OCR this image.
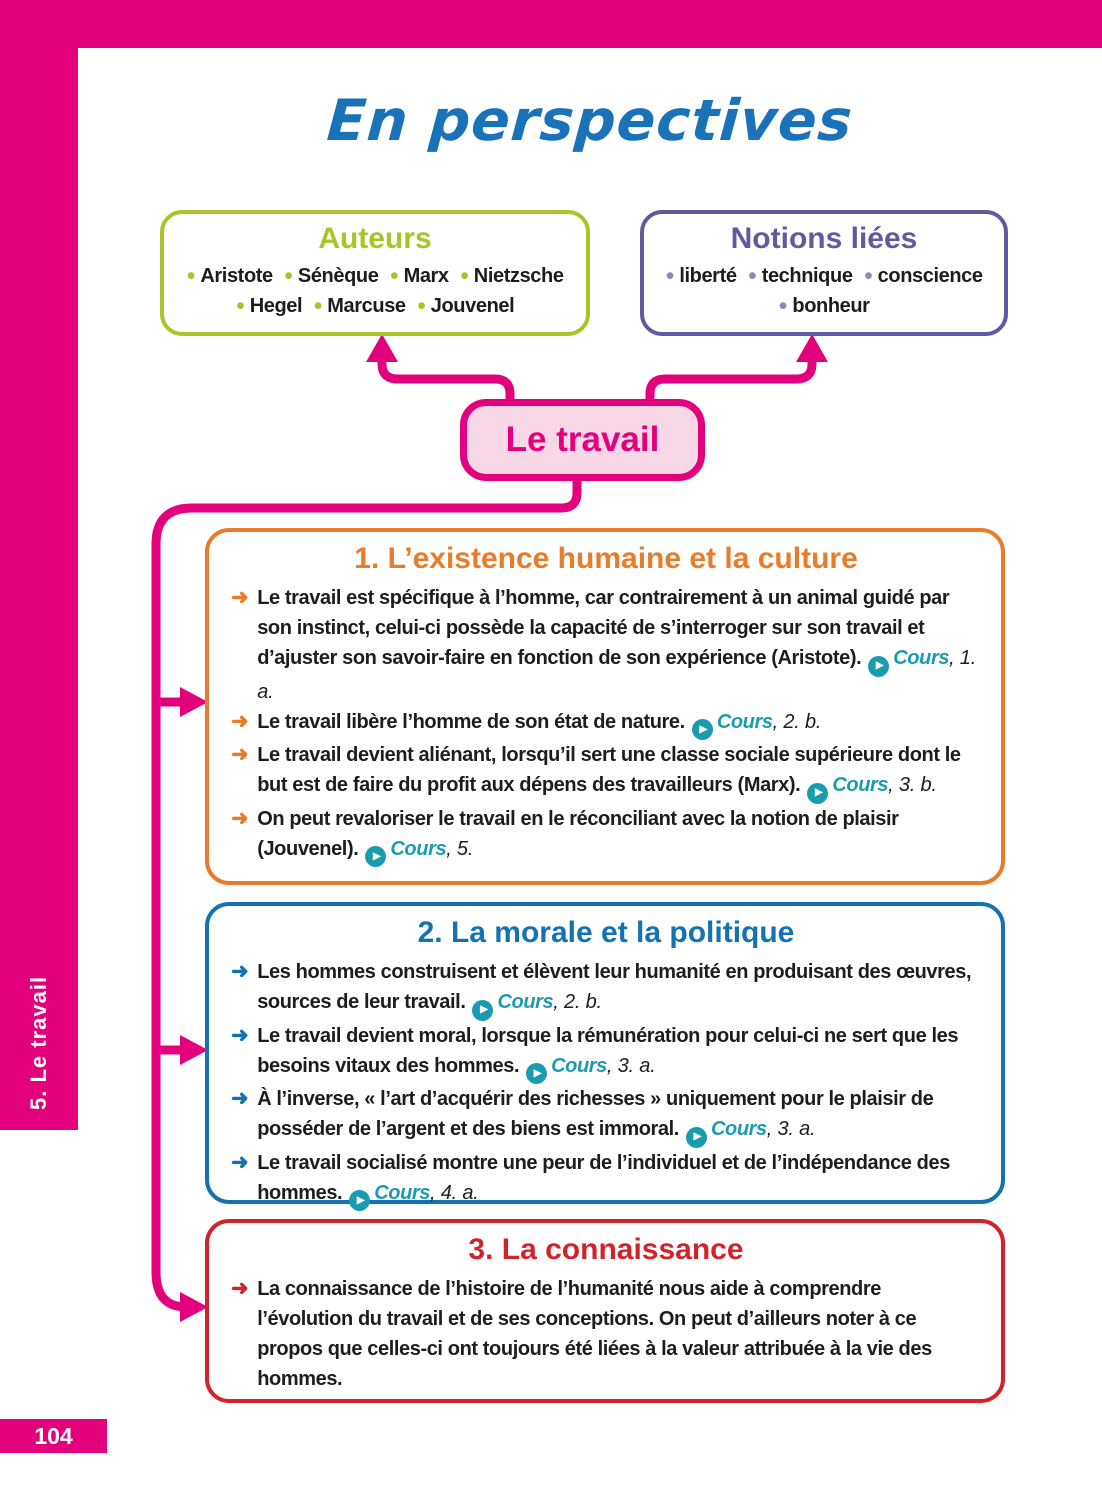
5. Le travail
104
En perspectives
Auteurs
● Aristote ● Sénèque ● Marx ● Nietzsche ● Hegel ● Marcuse ● Jouvenel
Notions liées
● liberté ● technique ● conscience ● bonheur
Le travail
1. L’existence humaine et la culture
➜ Le travail est spécifique à l’homme, car contrairement à un animal guidé par son instinct, celui-ci possède la capacité de s’interroger sur son travail et d’ajuster son savoir-faire en fonction de son expérience (Aristote). ▶ Cours, 1. a.
➜ Le travail libère l’homme de son état de nature. ▶ Cours, 2. b.
➜ Le travail devient aliénant, lorsqu’il sert une classe sociale supérieure dont le but est de faire du profit aux dépens des travailleurs (Marx). ▶ Cours, 3. b.
➜ On peut revaloriser le travail en le réconciliant avec la notion de plaisir (Jouvenel). ▶ Cours, 5.
2. La morale et la politique
➜ Les hommes construisent et élèvent leur humanité en produisant des œuvres, sources de leur travail. ▶ Cours, 2. b.
➜ Le travail devient moral, lorsque la rémunération pour celui-ci ne sert que les besoins vitaux des hommes. ▶ Cours, 3. a.
➜ À l’inverse, « l’art d’acquérir des richesses » uniquement pour le plaisir de posséder de l’argent et des biens est immoral. ▶ Cours, 3. a.
➜ Le travail socialisé montre une peur de l’individuel et de l’indépendance des hommes. ▶ Cours, 4. a.
3. La connaissance
➜ La connaissance de l’histoire de l’humanité nous aide à comprendre l’évolution du travail et de ses conceptions. On peut d’ailleurs noter à ce propos que celles-ci ont toujours été liées à la valeur attribuée à la vie des hommes.
